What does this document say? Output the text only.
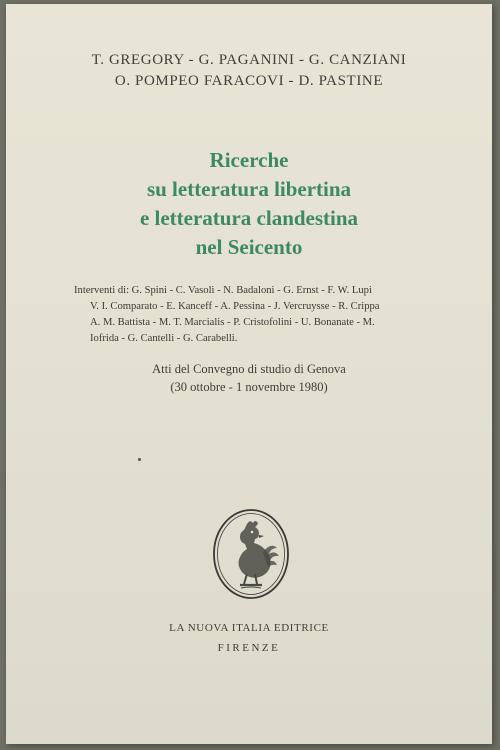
T. GREGORY - G. PAGANINI - G. CANZIANI
O. POMPEO FARACOVI - D. PASTINE
Ricerche
su letteratura libertina
e letteratura clandestina
nel Seicento
Interventi di: G. Spini - C. Vasoli - N. Badaloni - G. Ernst - F. W. Lupi
V. I. Comparato - E. Kanceff - A. Pessina - J. Vercruysse - R. Crippa
A. M. Battista - M. T. Marcialis - P. Cristofolini - U. Bonanate - M.
Iofrida - G. Cantelli - G. Carabelli.
Atti del Convegno di studio di Genova
(30 ottobre - 1 novembre 1980)
LA NUOVA ITALIA EDITRICE
FIRENZE
